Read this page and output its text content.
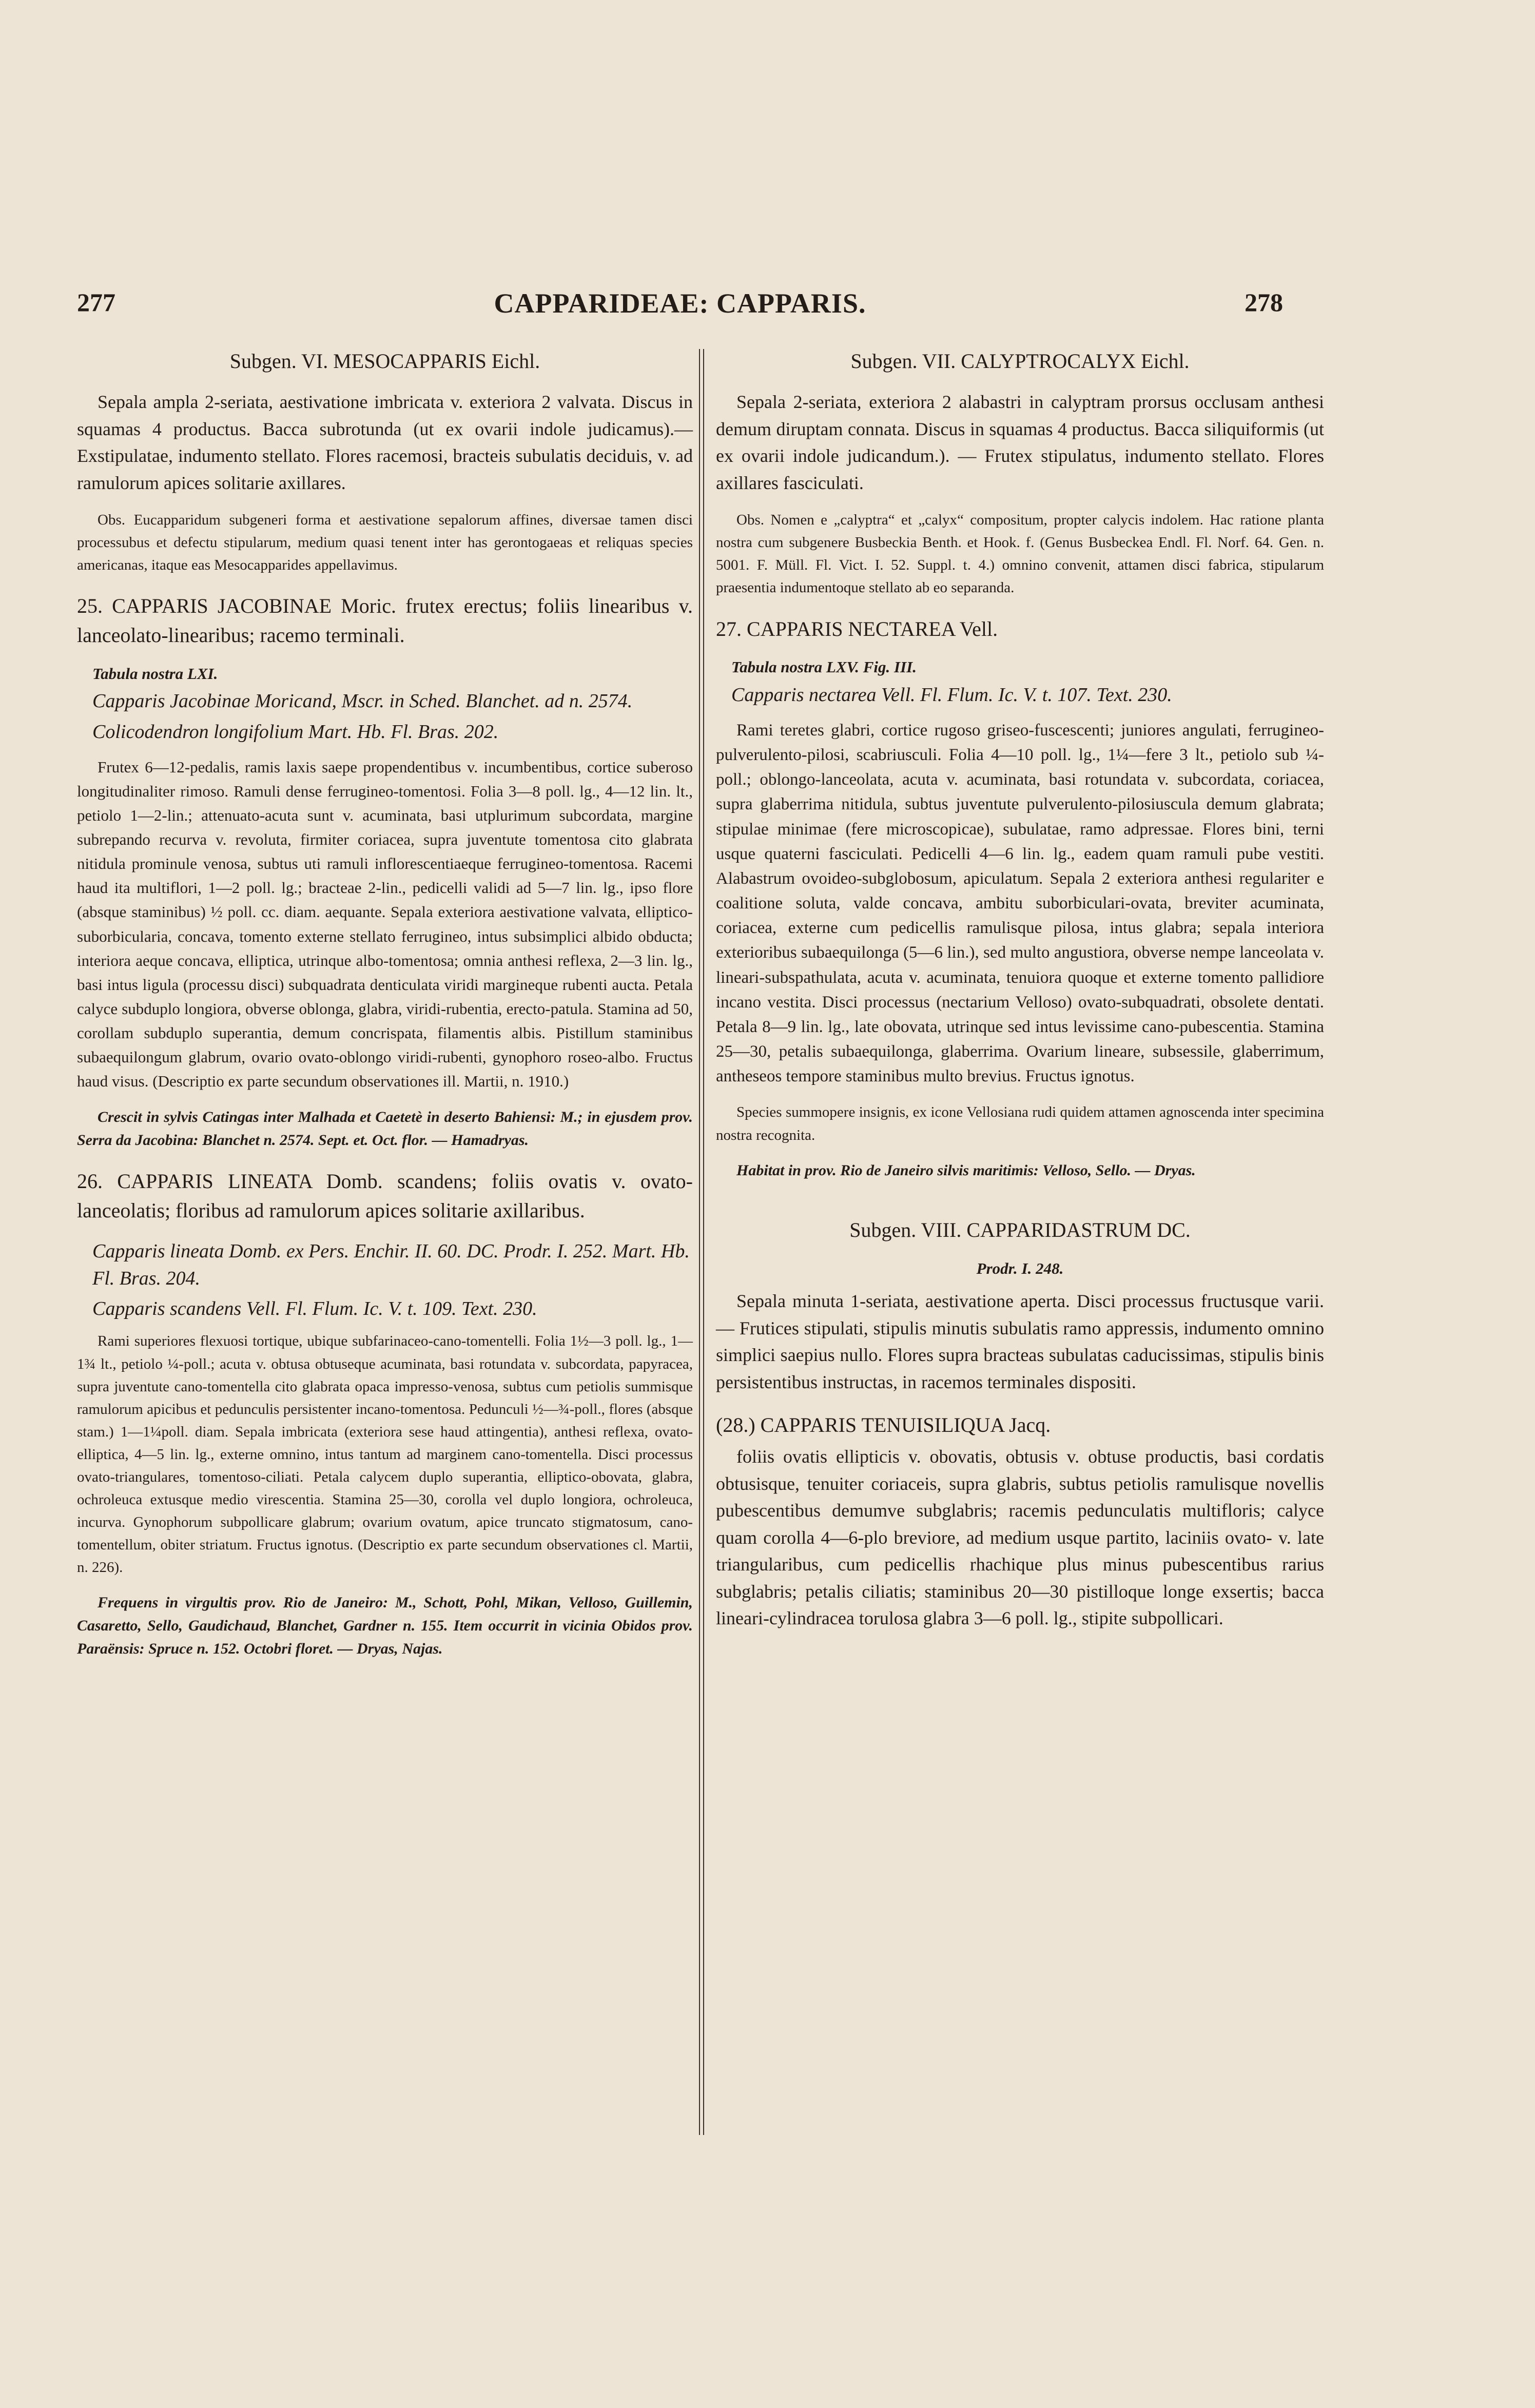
277	CAPPARIDEAE: CAPPARIS.	278
Subgen. VI. MESOCAPPARIS Eichl.

Sepala ampla 2-seriata, aestivatione imbricata v. exteriora 2 valvata. Discus in squamas 4 productus. Bacca subrotunda (ut ex ovarii indole judicamus).— Exstipulatae, indumento stellato. Flores racemosi, bracteis subulatis deciduis, v. ad ramulorum apices solitarie axillares.

Obs. Eucapparidum subgeneri forma et aestivatione sepalorum affines, diversae tamen disci processubus et defectu stipularum, medium quasi tenent inter has gerontogaeas et reliquas species americanas, itaque eas Mesocapparides appellavimus.

25. CAPPARIS JACOBINAE Moric. frutex erectus; foliis linearibus v. lanceolato-linearibus; racemo terminali.

Tabula nostra LXI.
Capparis Jacobinae Moricand, Mscr. in Sched. Blanchet. ad n. 2574.
Colicodendron longifolium Mart. Hb. Fl. Bras. 202.

Frutex 6—12-pedalis, ramis laxis saepe propendentibus v. incumbentibus, cortice suberoso longitudinaliter rimoso. Ramuli dense ferrugineo-tomentosi. Folia 3—8 poll. lg., 4—12 lin. lt., petiolo 1—2-lin.; attenuato-acuta sunt v. acuminata, basi utplurimum subcordata, margine subrepando recurva v. revoluta, firmiter coriacea, supra juventute tomentosa cito glabrata nitidula prominule venosa, subtus uti ramuli inflorescentiaeque ferrugineo-tomentosa. Racemi haud ita multiflori, 1—2 poll. lg.; bracteae 2-lin., pedicelli validi ad 5—7 lin. lg., ipso flore (absque staminibus) ½ poll. cc. diam. aequante. Sepala exteriora aestivatione valvata, elliptico-suborbicularia, concava, tomento externe stellato ferrugineo, intus subsimplici albido obducta; interiora aeque concava, elliptica, utrinque albo-tomentosa; omnia anthesi reflexa, 2—3 lin. lg., basi intus ligula (processu disci) subquadrata denticulata viridi margineque rubenti aucta. Petala calyce subduplo longiora, obverse oblonga, glabra, viridi-rubentia, erecto-patula. Stamina ad 50, corollam subduplo superantia, demum concrispata, filamentis albis. Pistillum staminibus subaequilongum glabrum, ovario ovato-oblongo viridi-rubenti, gynophoro roseo-albo. Fructus haud visus. (Descriptio ex parte secundum observationes ill. Martii, n. 1910.)

Crescit in sylvis Catingas inter Malhada et Caetetè in deserto Bahiensi: M.; in ejusdem prov. Serra da Jacobina: Blanchet n. 2574. Sept. et. Oct. flor. — Hamadryas.

26. CAPPARIS LINEATA Domb. scandens; foliis ovatis v. ovato-lanceolatis; floribus ad ramulorum apices solitarie axillaribus.

Capparis lineata Domb. ex Pers. Enchir. II. 60. DC. Prodr. I. 252. Mart. Hb. Fl. Bras. 204.
Capparis scandens Vell. Fl. Flum. Ic. V. t. 109. Text. 230.

Rami superiores flexuosi tortique, ubique subfarinaceo-cano-tomentelli. Folia 1½—3 poll. lg., 1—1¾ lt., petiolo ¼-poll.; acuta v. obtusa obtuseque acuminata, basi rotundata v. subcordata, papyracea, supra juventute cano-tomentella cito glabrata opaca impresso-venosa, subtus cum petiolis summisque ramulorum apicibus et pedunculis persistenter incano-tomentosa. Pedunculi ½—¾-poll., flores (absque stam.) 1—1¼poll. diam. Sepala imbricata (exteriora sese haud attingentia), anthesi reflexa, ovato-elliptica, 4—5 lin. lg., externe omnino, intus tantum ad marginem cano-tomentella. Disci processus ovato-triangulares, tomentoso-ciliati. Petala calycem duplo superantia, elliptico-obovata, glabra, ochroleuca extusque medio virescentia. Stamina 25—30, corolla vel duplo longiora, ochroleuca, incurva. Gynophorum subpollicare glabrum; ovarium ovatum, apice truncato stigmatosum, cano-tomentellum, obiter striatum. Fructus ignotus. (Descriptio ex parte secundum observationes cl. Martii, n. 226).

Frequens in virgultis prov. Rio de Janeiro: M., Schott, Pohl, Mikan, Velloso, Guillemin, Casaretto, Sello, Gaudichaud, Blanchet, Gardner n. 155. Item occurrit in vicinia Obidos prov. Paraënsis: Spruce n. 152. Octobri floret. — Dryas, Najas.

Subgen. VII. CALYPTROCALYX Eichl.

Sepala 2-seriata, exteriora 2 alabastri in calyptram prorsus occlusam anthesi demum diruptam connata. Discus in squamas 4 productus. Bacca siliquiformis (ut ex ovarii indole judicandum.). — Frutex stipulatus, indumento stellato. Flores axillares fasciculati.

Obs. Nomen e „calyptra“ et „calyx“ compositum, propter calycis indolem. Hac ratione planta nostra cum subgenere Busbeckia Benth. et Hook. f. (Genus Busbeckea Endl. Fl. Norf. 64. Gen. n. 5001. F. Müll. Fl. Vict. I. 52. Suppl. t. 4.) omnino convenit, attamen disci fabrica, stipularum praesentia indumentoque stellato ab eo separanda.

27. CAPPARIS NECTAREA Vell.

Tabula nostra LXV. Fig. III.
Capparis nectarea Vell. Fl. Flum. Ic. V. t. 107. Text. 230.

Rami teretes glabri, cortice rugoso griseo-fuscescenti; juniores angulati, ferrugineo-pulverulento-pilosi, scabriusculi. Folia 4—10 poll. lg., 1¼—fere 3 lt., petiolo sub ¼-poll.; oblongo-lanceolata, acuta v. acuminata, basi rotundata v. subcordata, coriacea, supra glaberrima nitidula, subtus juventute pulverulento-pilosiuscula demum glabrata; stipulae minimae (fere microscopicae), subulatae, ramo adpressae. Flores bini, terni usque quaterni fasciculati. Pedicelli 4—6 lin. lg., eadem quam ramuli pube vestiti. Alabastrum ovoideo-subglobosum, apiculatum. Sepala 2 exteriora anthesi regulariter e coalitione soluta, valde concava, ambitu suborbiculari-ovata, breviter acuminata, coriacea, externe cum pedicellis ramulisque pilosa, intus glabra; sepala interiora exterioribus subaequilonga (5—6 lin.), sed multo angustiora, obverse nempe lanceolata v. lineari-subspathulata, acuta v. acuminata, tenuiora quoque et externe tomento pallidiore incano vestita. Disci processus (nectarium Velloso) ovato-subquadrati, obsolete dentati. Petala 8—9 lin. lg., late obovata, utrinque sed intus levissime cano-pubescentia. Stamina 25—30, petalis subaequilonga, glaberrima. Ovarium lineare, subsessile, glaberrimum, antheseos tempore staminibus multo brevius. Fructus ignotus.

Species summopere insignis, ex icone Vellosiana rudi quidem attamen agnoscenda inter specimina nostra recognita.

Habitat in prov. Rio de Janeiro silvis maritimis: Velloso, Sello. — Dryas.

Subgen. VIII. CAPPARIDASTRUM DC.
Prodr. I. 248.

Sepala minuta 1-seriata, aestivatione aperta. Disci processus fructusque varii. — Frutices stipulati, stipulis minutis subulatis ramo appressis, indumento omnino simplici saepius nullo. Flores supra bracteas subulatas caducissimas, stipulis binis persistentibus instructas, in racemos terminales dispositi.

(28.) CAPPARIS TENUISILIQUA Jacq.

foliis ovatis ellipticis v. obovatis, obtusis v. obtuse productis, basi cordatis obtusisque, tenuiter coriaceis, supra glabris, subtus petiolis ramulisque novellis pubescentibus demumve subglabris; racemis pedunculatis multifloris; calyce quam corolla 4—6-plo breviore, ad medium usque partito, laciniis ovato- v. late triangularibus, cum pedicellis rhachique plus minus pubescentibus rarius subglabris; petalis ciliatis; staminibus 20—30 pistilloque longe exsertis; bacca lineari-cylindracea torulosa glabra 3—6 poll. lg., stipite subpollicari.
